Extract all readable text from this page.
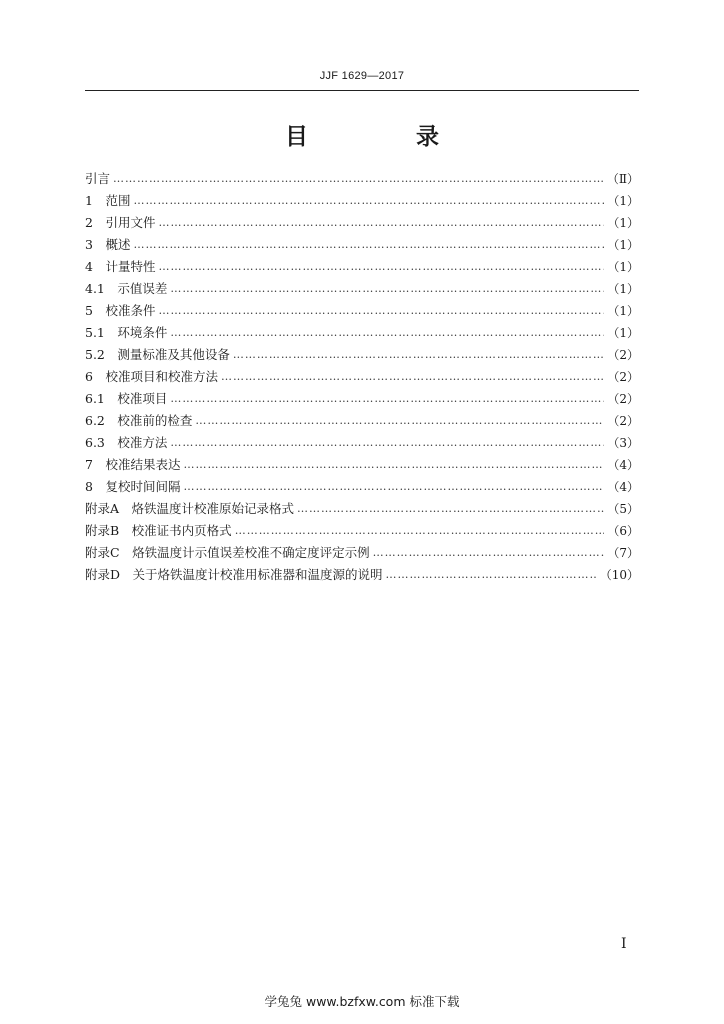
JJF 1629—2017
目 录
引言 ……………………………………………………………………………………………………………………………………………………………………………………………………………………	（Ⅱ）
1　范围 ……………………………………………………………………………………………………………………………………………………………………………………………………………………	（1）
2　引用文件 ……………………………………………………………………………………………………………………………………………………………………………………………………………………	（1）
3　概述 ……………………………………………………………………………………………………………………………………………………………………………………………………………………	（1）
4　计量特性 ……………………………………………………………………………………………………………………………………………………………………………………………………………………	（1）
4.1　示值误差 ……………………………………………………………………………………………………………………………………………………………………………………………………………………	（1）
5　校准条件 ……………………………………………………………………………………………………………………………………………………………………………………………………………………	（1）
5.1　环境条件 ……………………………………………………………………………………………………………………………………………………………………………………………………………………	（1）
5.2　测量标准及其他设备 ……………………………………………………………………………………………………………………………………………………………………………………………………………………	（2）
6　校准项目和校准方法 ……………………………………………………………………………………………………………………………………………………………………………………………………………………	（2）
6.1　校准项目 ……………………………………………………………………………………………………………………………………………………………………………………………………………………	（2）
6.2　校准前的检查 ……………………………………………………………………………………………………………………………………………………………………………………………………………………	（2）
6.3　校准方法 ……………………………………………………………………………………………………………………………………………………………………………………………………………………	（3）
7　校准结果表达 ……………………………………………………………………………………………………………………………………………………………………………………………………………………	（4）
8　复校时间间隔 ……………………………………………………………………………………………………………………………………………………………………………………………………………………	（4）
附录A　烙铁温度计校准原始记录格式 ……………………………………………………………………………………………………………………………………………………………………………………………………………………	（5）
附录B　校准证书内页格式 ……………………………………………………………………………………………………………………………………………………………………………………………………………………	（6）
附录C　烙铁温度计示值误差校准不确定度评定示例 ……………………………………………………………………………………………………………………………………………………………………………………………………………………	（7）
附录D　关于烙铁温度计校准用标准器和温度源的说明 ……………………………………………………………………………………………………………………………………………………………………………………………………………………	（10）
I
学兔兔 www.bzfxw.com 标准下载
